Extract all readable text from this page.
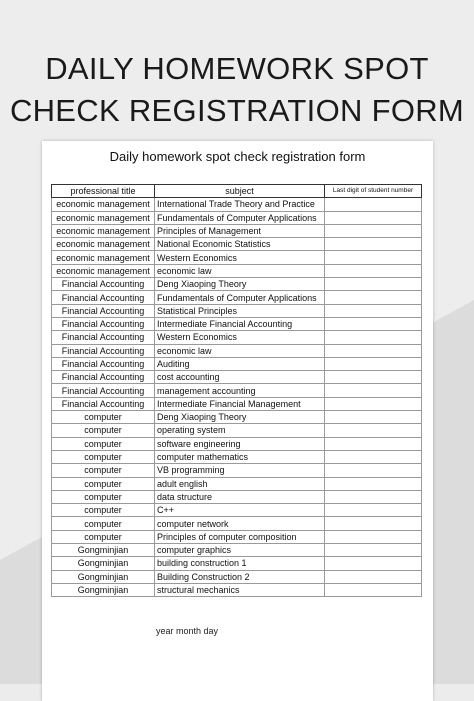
DAILY HOMEWORK SPOT
CHECK REGISTRATION FORM
Daily homework spot check registration form
professional title	subject	Last digit of student number
economic management	International Trade Theory and Practice	
economic management	Fundamentals of Computer Applications	
economic management	Principles of Management	
economic management	National Economic Statistics	
economic management	Western Economics	
economic management	economic law	
Financial Accounting	Deng Xiaoping Theory	
Financial Accounting	Fundamentals of Computer Applications	
Financial Accounting	Statistical Principles	
Financial Accounting	Intermediate Financial Accounting	
Financial Accounting	Western Economics	
Financial Accounting	economic law	
Financial Accounting	Auditing	
Financial Accounting	cost accounting	
Financial Accounting	management accounting	
Financial Accounting	Intermediate Financial Management	
computer	Deng Xiaoping Theory	
computer	operating system	
computer	software engineering	
computer	computer mathematics	
computer	VB programming	
computer	adult english	
computer	data structure	
computer	C++	
computer	computer network	
computer	Principles of computer composition	
Gongminjian	computer graphics	
Gongminjian	building construction 1	
Gongminjian	Building Construction 2	
Gongminjian	structural mechanics	
year month day
